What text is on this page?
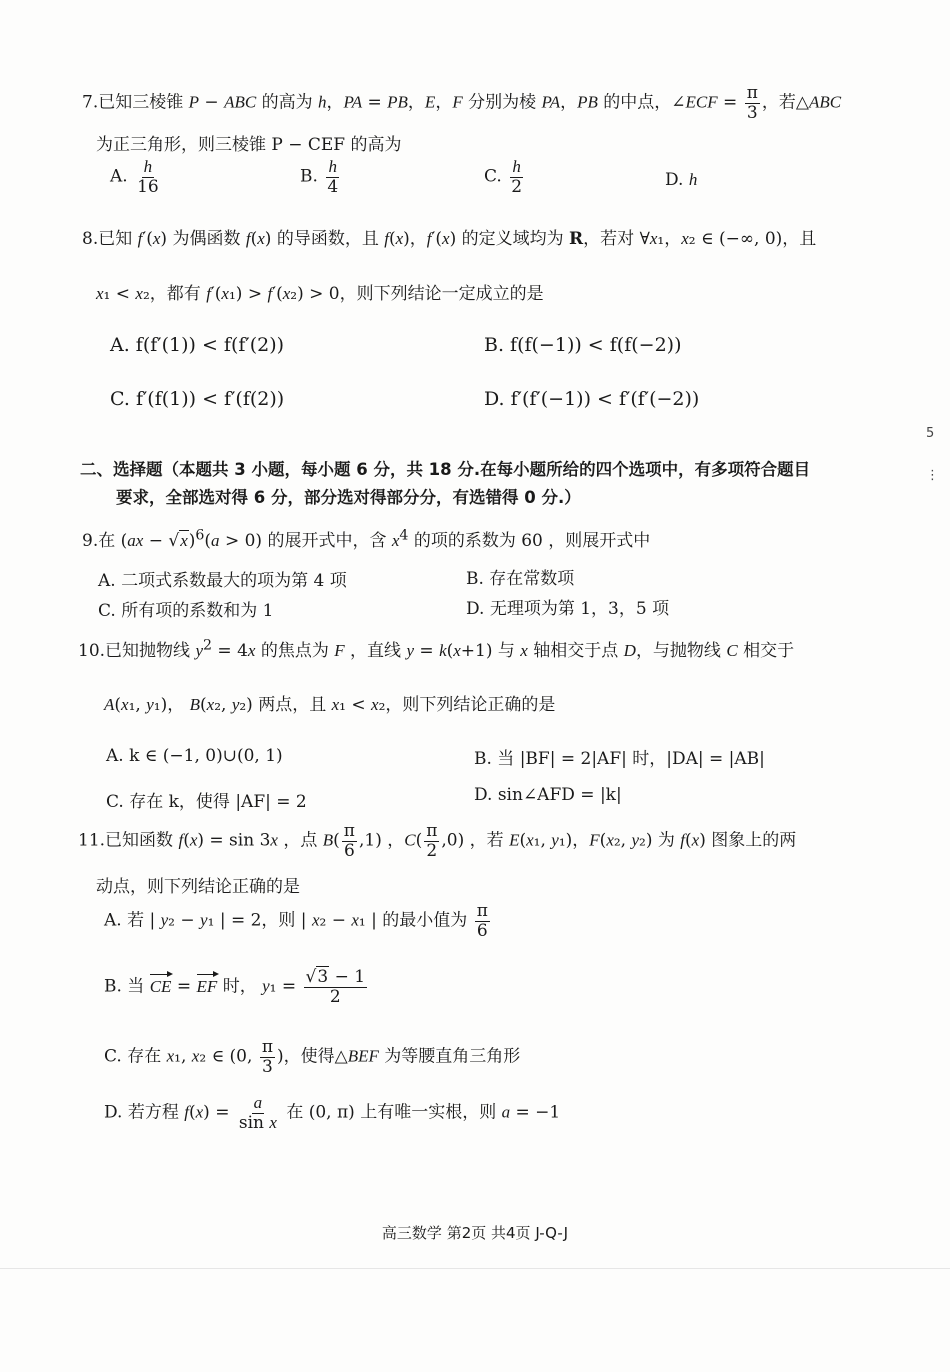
7.已知三棱锥 P − ABC 的高为 h，PA = PB，E，F 分别为棱 PA，PB 的中点，∠ECF = $\frac{\pi}{3}$ ，若△ABC
为正三角形，则三棱锥 P − CEF 的高为
A. $\frac{h}{16}$	B. $\frac{h}{4}$	C. $\frac{h}{2}$	D. h
8.已知 f′(x) 为偶函数 f(x) 的导函数，且 f(x)，f′(x) 的定义域均为 R，若对 ∀x₁，x₂ ∈ (−∞, 0)，且
x₁ < x₂，都有 f′(x₁) > f′(x₂) > 0，则下列结论一定成立的是
A. f(f′(1)) < f(f′(2))	B. f(f(−1)) < f(f(−2))
C. f′(f(1)) < f′(f(2))	D. f′(f′(−1)) < f′(f′(−2))
二、选择题（本题共 3 小题，每小题 6 分，共 18 分.在每小题所给的四个选项中，有多项符合题目
要求，全部选对得 6 分，部分选对得部分分，有选错得 0 分.）
9.在 (ax − √x)$^6$(a > 0) 的展开式中，含 $x^4$ 的项的系数为 60 ，则展开式中
A. 二项式系数最大的项为第 4 项	B. 存在常数项
C. 所有项的系数和为 1	D. 无理项为第 1，3，5 项
10.已知抛物线 $y^2 = 4x$ 的焦点为 F ，直线 y = k(x+1) 与 x 轴相交于点 D，与抛物线 C 相交于
A(x₁, y₁)， B(x₂, y₂) 两点，且 x₁ < x₂，则下列结论正确的是
A. k ∈ (−1, 0)∪(0, 1)	B. 当 |BF| = 2|AF| 时，|DA| = |AB|
C. 存在 k，使得 |AF| = 2	D. sin∠AFD = |k|
11.已知函数 f(x) = sin 3x ，点 $B( \frac{\pi}{6} ,1)$ ，$C( \frac{\pi}{2} ,0)$ ，若 E(x₁, y₁)，F(x₂, y₂) 为 f(x) 图象上的两
动点，则下列结论正确的是
A. 若 | y₂ − y₁ | = 2，则 | x₂ − x₁ | 的最小值为 $\frac{\pi}{6}$
B. 当 CE = EF 时， $y_1 = \frac{√3 - 1}{2}$
C. 存在 x₁, x₂ ∈ (0, $\frac{\pi}{3}$ )，使得△BEF 为等腰直角三角形
D. 若方程 $f(x) = \frac{a}{\text{sin x}}$ 在 (0, π) 上有唯一实根，则 a = −1
高三数学 第2页 共4页 J-Q-J
5
⋮
